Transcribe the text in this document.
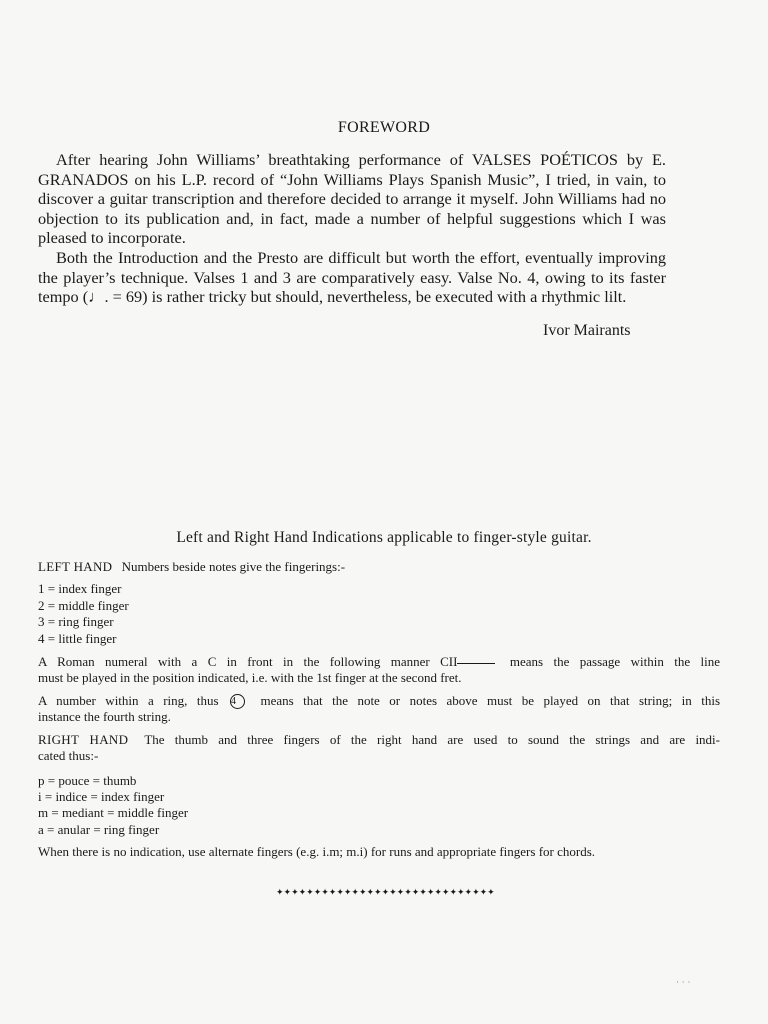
FOREWORD

After hearing John Williams’ breathtaking performance of VALSES POÉTICOS by E. GRANADOS on his L.P. record of “John Williams Plays Spanish Music”, I tried, in vain, to discover a guitar transcription and therefore decided to arrange it myself. John Williams had no objection to its publication and, in fact, made a number of helpful suggestions which I was pleased to incorporate.

Both the Introduction and the Presto are difficult but worth the effort, eventually improving the player’s technique. Valses 1 and 3 are comparatively easy. Valse No. 4, owing to its faster tempo (♩. = 69) is rather tricky but should, nevertheless, be executed with a rhythmic lilt.

Ivor Mairants
Left and Right Hand Indications applicable to finger-style guitar.
LEFT HAND Numbers beside notes give the fingerings:-
1 = index finger
2 = middle finger
3 = ring finger
4 = little finger
A Roman numeral with a C in front in the following manner CII	means the passage within the line
must be played in the position indicated, i.e. with the 1st finger at the second fret.
A number within a ring, thus 4 means that the note or notes above must be played on that string; in this
instance the fourth string.
RIGHT HAND The thumb and three fingers of the right hand are used to sound the strings and are indi-
cated thus:-
p = pouce = thumb
i = indice = index finger
m = mediant = middle finger
a = anular = ring finger
When there is no indication, use alternate fingers (e.g. i.m; m.i) for runs and appropriate fingers for chords.
✦✦✦✦✦✦✦✦✦✦✦✦✦✦✦✦✦✦✦✦✦✦✦✦✦✦✦✦✦
· · ·
